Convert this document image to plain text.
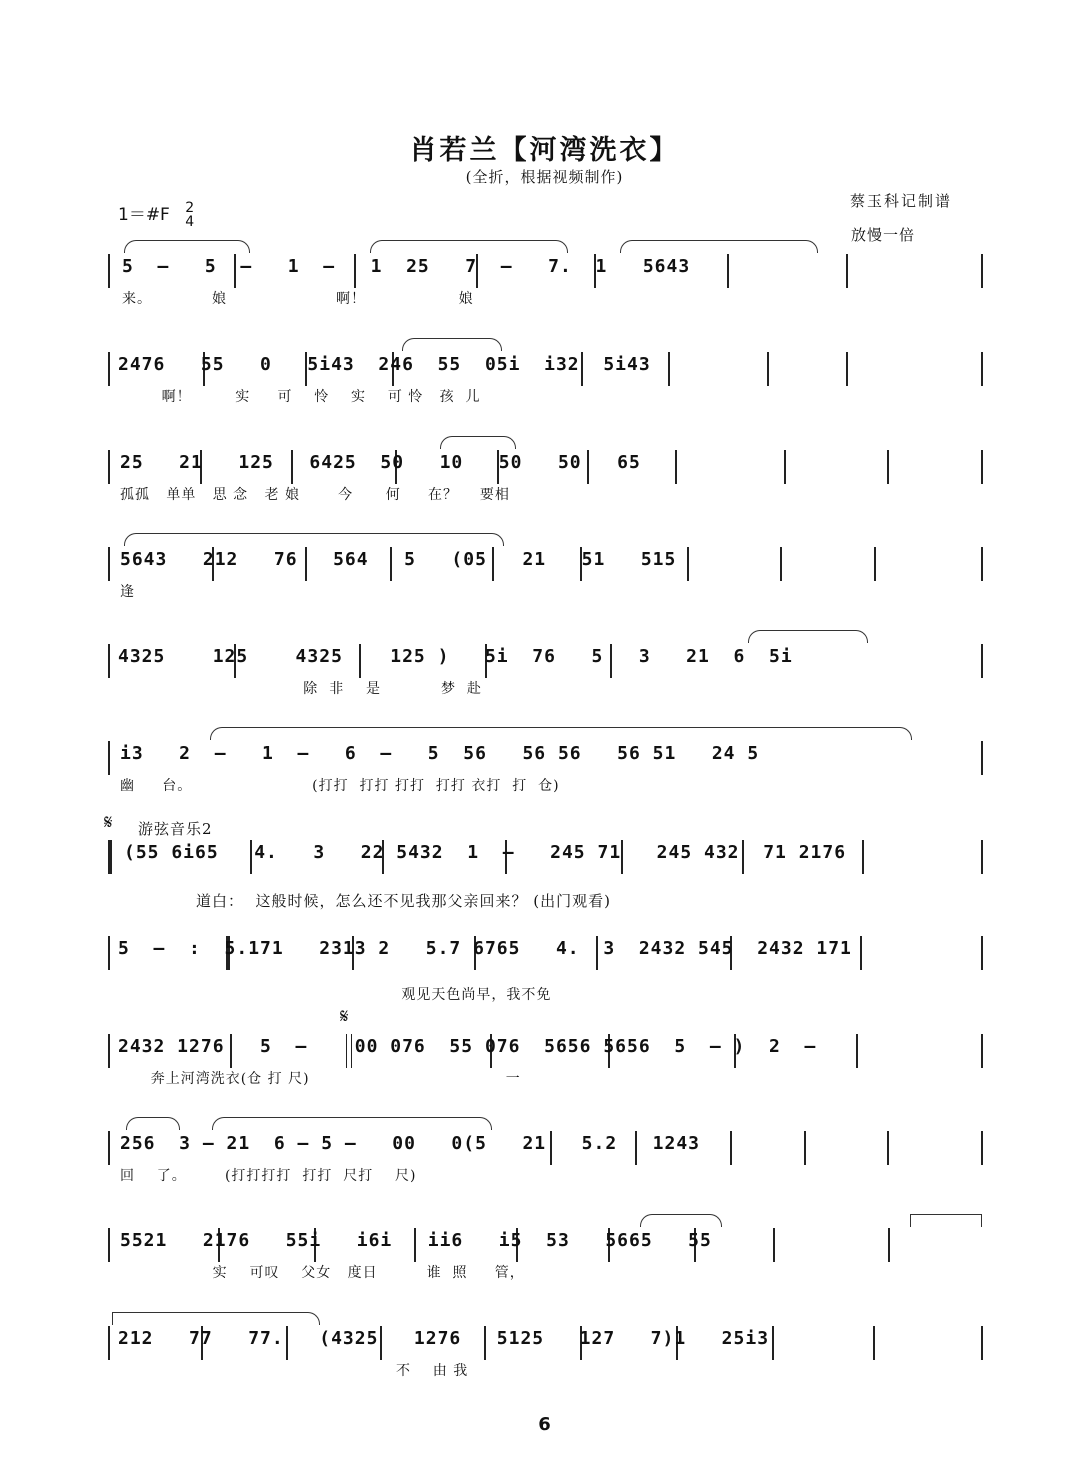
肖若兰【河湾洗衣】
(全折，根据视频制作)
蔡玉科记制谱
1＝#F 2
4
放慢一倍
5  –   5  –   1  –   1  25   7  –   7.  1   5643
来。           娘                    啊！                 娘
2476   55   0   5i43  246  55  05i  i32  5i43
啊！        实     可    怜    实    可 怜   孩  儿
25   21   125   6425  50   10   50   50   65
孤孤   单单   思 念   老 娘       今      何     在？    要相
5643   212   76   564   5   (05   21   51   515
逢
4325    125    4325    125 )   5i  76   5   3   21  6  5i
除  非    是           梦  赴
i3   2  –   1  –   6  –   5  56   56 56   56 51   24 5
幽     台。                      (打打  打打 打打  打打 衣打  打  仓)
𝄋 游弦音乐2
(55 6i65   4.   3   22 5432  1  –   245 71   245 432  71 2176
道白：  这般时候，怎么还不见我那父亲回来？ (出门观看)
5  –  :  5.171   2313 2   5.7 6765   4.  3  2432 545  2432 171
观见天色尚早，我不免
𝄋
2432 1276   5  –    00 076  55 076  5656 5656  5  – )  2  –
奔上河湾洗衣(仓 打 尺)                                    一
256  3 – 21  6 – 5 –   00   0(5   21   5.2   1243
回    了。       (打打打打  打打  尺打    尺)
5521   2176   55i   i6i   ii6   i5  53   5665   55
实    可叹    父女   度日         谁  照     管，
212   77   77.   (4325   1276   5125   127   7)1   25i3
不    由 我
6
